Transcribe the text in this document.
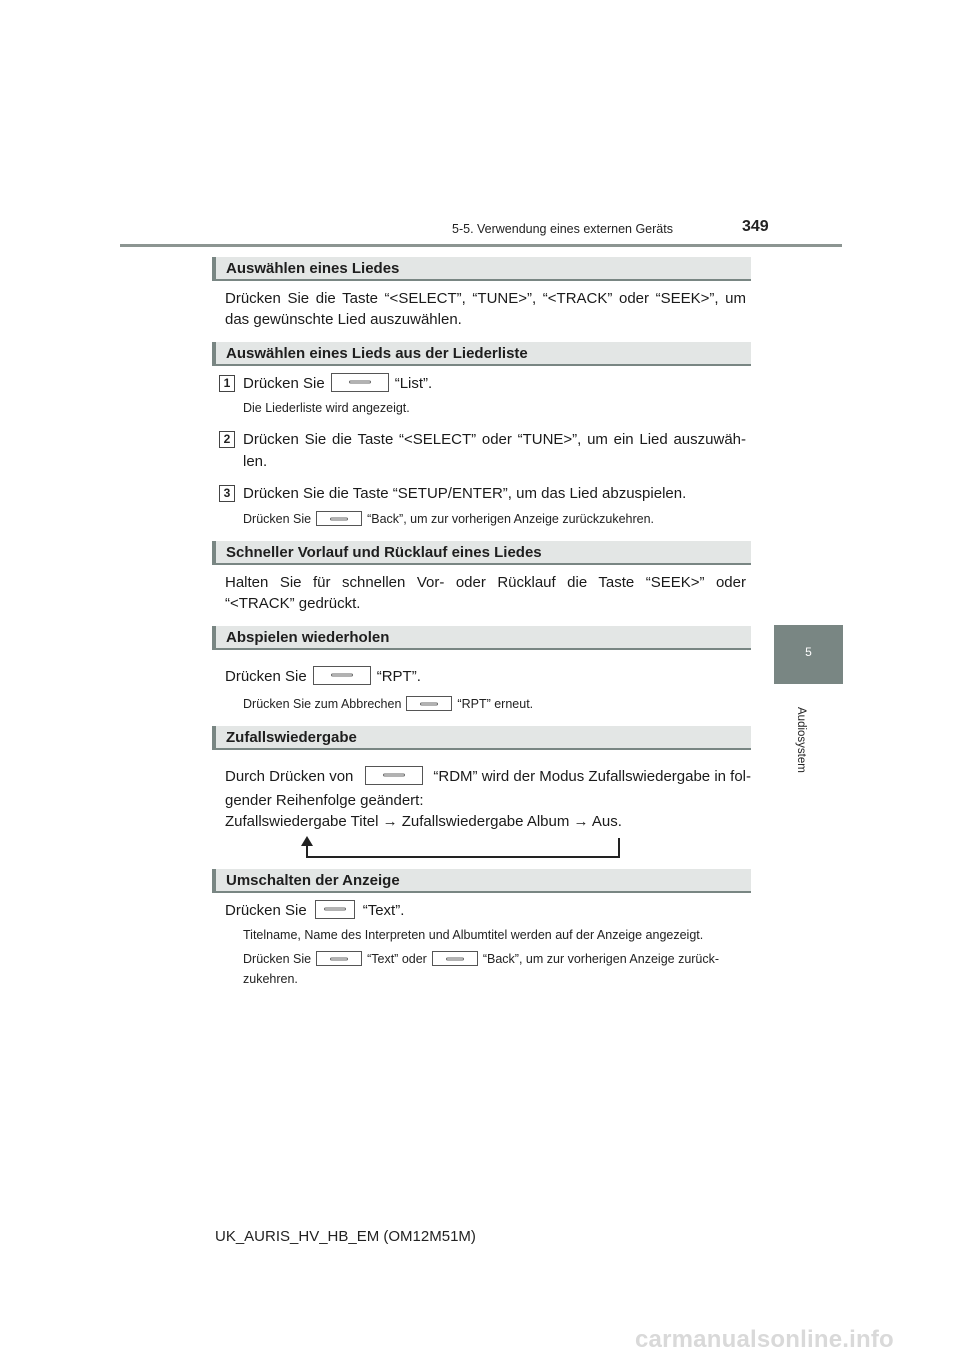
5-5. Verwendung eines externen Geräts	349
5
Audiosystem
Auswählen eines Liedes
Drücken Sie die Taste “<SELECT”, “TUNE>”, “<TRACK” oder “SEEK>”, um
das gewünschte Lied auszuwählen.
Auswählen eines Lieds aus der Liederliste
1 Drücken Sie	“List”.
Die Liederliste wird angezeigt.
2 Drücken Sie die Taste “<SELECT” oder “TUNE>”, um ein Lied auszuwäh-
len.
3 Drücken Sie die Taste “SETUP/ENTER”, um das Lied abzuspielen.
Drücken Sie	“Back”, um zur vorherigen Anzeige zurückzukehren.
Schneller Vorlauf und Rücklauf eines Liedes
Halten Sie für schnellen Vor- oder Rücklauf die Taste “SEEK>” oder
“<TRACK” gedrückt.
Abspielen wiederholen
Drücken Sie	“RPT”.
Drücken Sie zum Abbrechen	“RPT” erneut.
Zufallswiedergabe
Durch Drücken von	“RDM” wird der Modus Zufallswiedergabe in fol-
gender Reihenfolge geändert:
Zufallswiedergabe Titel → Zufallswiedergabe Album → Aus.
Umschalten der Anzeige
Drücken Sie	“Text”.
Titelname, Name des Interpreten und Albumtitel werden auf der Anzeige angezeigt.
Drücken Sie	“Text” oder	“Back”, um zur vorherigen Anzeige zurück-
zukehren.
UK_AURIS_HV_HB_EM (OM12M51M)
carmanualsonline.info
